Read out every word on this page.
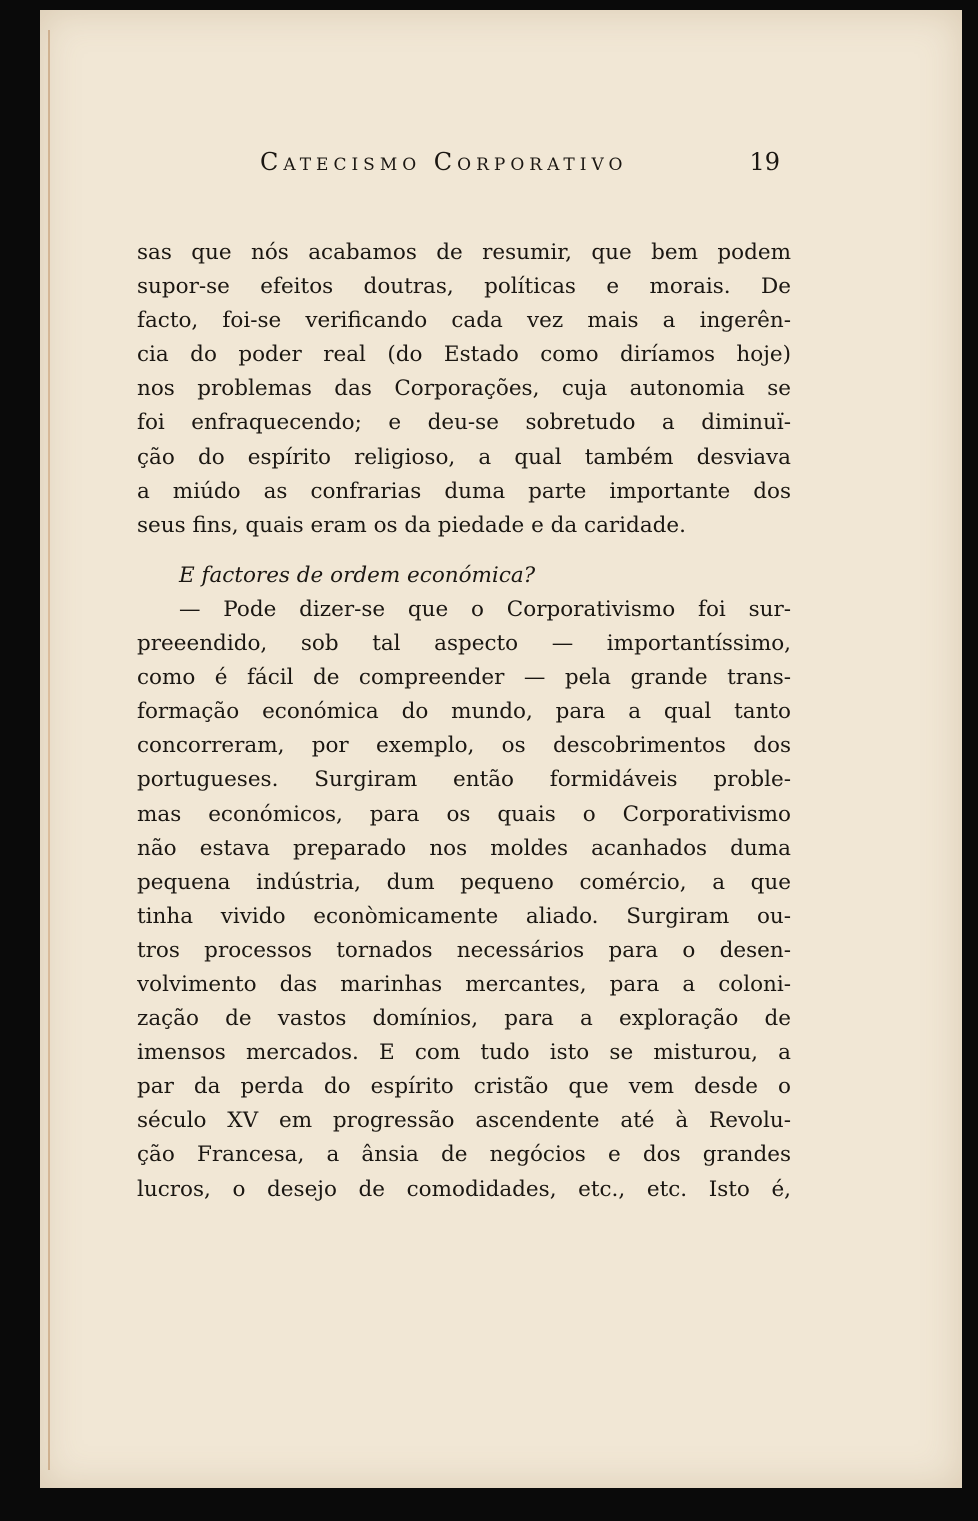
Catecismo Corporativo	19
sas que nós acabamos de resumir, que bem podem
supor-se efeitos doutras, políticas e morais. De
facto, foi-se verificando cada vez mais a ingerên-
cia do poder real (do Estado como diríamos hoje)
nos problemas das Corporações, cuja autonomia se
foi enfraquecendo; e deu-se sobretudo a diminuï-
ção do espírito religioso, a qual também desviava
a miúdo as confrarias duma parte importante dos
seus fins, quais eram os da piedade e da caridade.
E factores de ordem económica?
— Pode dizer-se que o Corporativismo foi sur-
preeendido, sob tal aspecto — importantíssimo,
como é fácil de compreender — pela grande trans-
formação económica do mundo, para a qual tanto
concorreram, por exemplo, os descobrimentos dos
portugueses. Surgiram então formidáveis proble-
mas económicos, para os quais o Corporativismo
não estava preparado nos moldes acanhados duma
pequena indústria, dum pequeno comércio, a que
tinha vivido econòmicamente aliado. Surgiram ou-
tros processos tornados necessários para o desen-
volvimento das marinhas mercantes, para a coloni-
zação de vastos domínios, para a exploração de
imensos mercados. E com tudo isto se misturou, a
par da perda do espírito cristão que vem desde o
século XV em progressão ascendente até à Revolu-
ção Francesa, a ânsia de negócios e dos grandes
lucros, o desejo de comodidades, etc., etc. Isto é,
